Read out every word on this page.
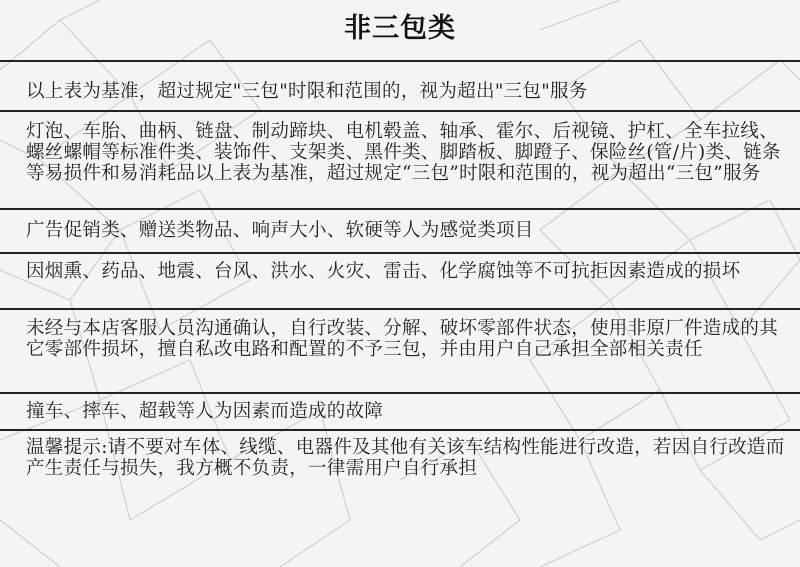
非三包类
以上表为基准，超过规定"三包"时限和范围的，视为超出"三包"服务
灯泡、车胎、曲柄、链盘、制动蹄块、电机毂盖、轴承、霍尔、后视镜、护杠、全车拉线、螺丝螺帽等标准件类、装饰件、支架类、黑件类、脚踏板、脚蹬子、保险丝(管/片)类、链条等易损件和易消耗品以上表为基准，超过规定“三包”时限和范围的，视为超出“三包”服务
广告促销类、赠送类物品、响声大小、软硬等人为感觉类项目
因烟熏、药品、地震、台风、洪水、火灾、雷击、化学腐蚀等不可抗拒因素造成的损坏
未经与本店客服人员沟通确认，自行改装、分解、破坏零部件状态，使用非原厂件造成的其它零部件损坏，擅自私改电路和配置的不予三包，并由用户自己承担全部相关责任
撞车、摔车、超载等人为因素而造成的故障
温馨提示:请不要对车体、线缆、电器件及其他有关该车结构性能进行改造，若因自行改造而产生责任与损失，我方概不负责，一律需用户自行承担
